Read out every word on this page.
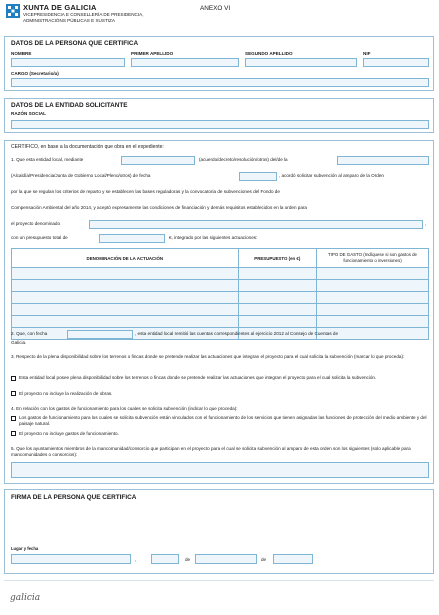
XUNTA DE GALICIA
VICEPRESIDENCIA E CONSELLERÍA DE PRESIDENCIA,
ADMINISTRACIÓNS PÚBLICAS E XUSTIZA
ANEXO VI
DATOS DE LA PERSONA QUE CERTIFICA
NOMBRE	PRIMER APELLIDO	SEGUNDO APELLIDO	NIF
CARGO (Secretario/a)
DATOS DE LA ENTIDAD SOLICITANTE
RAZÓN SOCIAL
CERTIFICO, en base a la documentación que obra en el expediente:
1. Que esta entidad local, mediante	(acuerdo/decreto/resolución/otros) del/de la
(Alcaldía/Presidencia/Junta de Gobierno Local/Pleno/otros) de fecha	, acordó solicitar subvención al amparo de la Orden
por la que se regulan los criterios de reparto y se establecen las bases reguladoras y la convocatoria de subvenciones del Fondo de
Compensación Ambiental del año 2014, y aceptó expresamente las condiciones de financiación y demás requisitos establecidos en la orden para
el proyecto denominado	,
con un presupuesto total de	€, integrado por las siguientes actuaciones:
DENOMINACIÓN DE LA ACTUACIÓN	PRESUPUESTO (en €)	TIPO DE GASTO (Indíquese si son gastos de funcionamiento o inversiones)

2. Que, con fecha	, esta entidad local remitió las cuentas correspondientes al ejercicio 2012 al Consejo de Cuentas de
Galicia.
3. Respecto de la plena disponibilidad sobre los terrenos o fincas donde se pretende realizar las actuaciones que integran el proyecto para el cual solicita la subvención (marcar lo que proceda):
Esta entidad local posee plena disponibilidad sobre los terrenos o fincas donde se pretende realizar las actuaciones que integran el proyecto para el cual solicita la subvención.
El proyecto no incluye la realización de obras.
4. En relación con los gastos de funcionamiento para los cuales se solicita subvención (indicar lo que proceda):
Los gastos de funcionamiento para los cuales se solicita subvención están vinculados con el funcionamiento de los servicios que tienen asignadas las funciones de protección del medio ambiente y del paisaje natural.
El proyecto no incluye gastos de funcionamiento.
5. Que los ayuntamientos miembros de la mancomunidad/consorcio que participan en el proyecto para el cual se solicita subvención al amparo de esta orden son los siguientes (solo aplicable para mancomunidades o consorcios):
FIRMA DE LA PERSONA QUE CERTIFICA
Lugar y fecha
,	de	de
galicia
